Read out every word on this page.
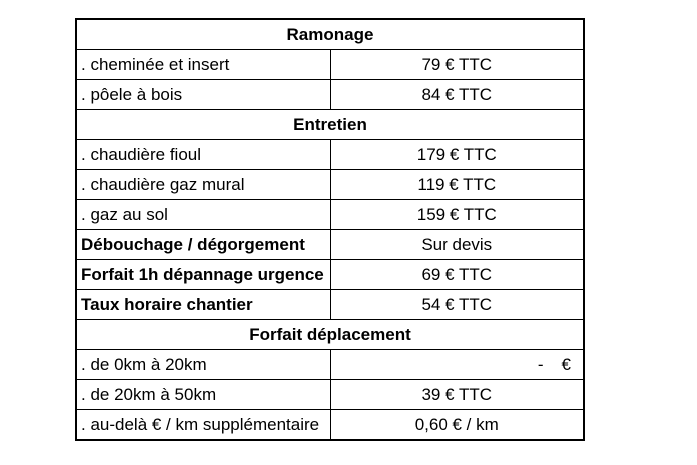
Ramonage	
. cheminée et insert	79 € TTC
. pôele à bois	84 € TTC
Entretien	
. chaudière fioul	179 € TTC
. chaudière gaz mural	119 € TTC
. gaz au sol	159 € TTC
Débouchage / dégorgement	Sur devis
Forfait 1h dépannage urgence	69 € TTC
Taux horaire chantier	54 € TTC
Forfait déplacement	
. de 0km à 20km	- €

. de 20km à 50km	39 € TTC
. au-delà € / km supplémentaire	0,60 € / km
